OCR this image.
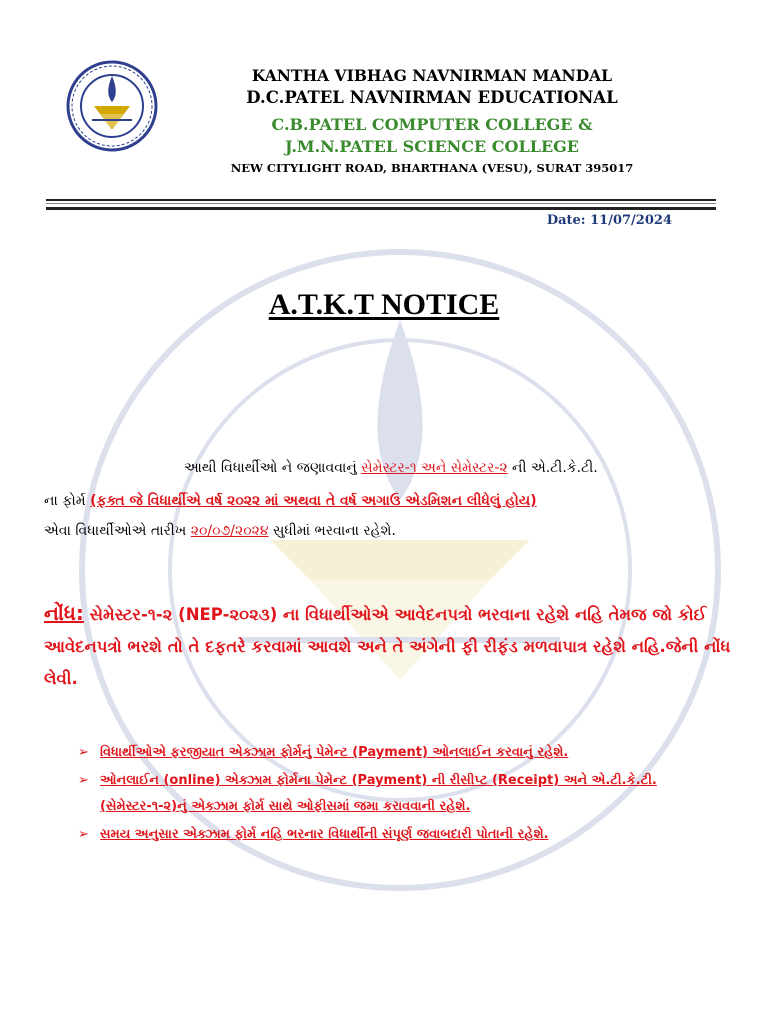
KANTHA VIBHAG NAVNIRMAN MANDAL
D.C.PATEL NAVNIRMAN EDUCATIONAL
C.B.PATEL COMPUTER COLLEGE &
J.M.N.PATEL SCIENCE COLLEGE
NEW CITYLIGHT ROAD, BHARTHANA (VESU), SURAT 395017
Date: 11/07/2024
A.T.K.T NOTICE
આથી વિધાર્થીઓ ને જણાવવાનું સેમેસ્ટર-૧ અને સેમેસ્ટર-૨ ની એ.ટી.કે.ટી.
ના ફોર્મ (ફક્ત જે વિધાર્થીએ વર્ષ ૨૦૨૨ માં અથવા તે વર્ષ અગાઉ એડમિશન લીધેલું હોય)
એવા વિધાર્થીઓએ તારીખ ૨૦/૦૭/૨૦૨૪ સુધીમાં ભરવાના રહેશે.
નોંધ: સેમેસ્ટર-૧-૨ (NEP-૨૦૨૩) ના વિધાર્થીઓએ આવેદનપત્રો ભરવાના રહેશે નહિ તેમજ જો કોઈ આવેદનપત્રો ભરશે તો તે દફતરે કરવામાં આવશે અને તે અંગેની ફી રીફંડ મળવાપાત્ર રહેશે નહિ.જેની નોંધ લેવી.
➢ વિધાર્થીઓએ ફરજીયાત એક્ઝામ ફોર્મનું પેમેન્ટ (Payment) ઓનલાઈન કરવાનું રહેશે.
➢ ઓનલાઈન (online) એક્ઝામ ફોર્મના પેમેન્ટ (Payment) ની રીસીપ્ટ (Receipt) અને એ.ટી.કે.ટી.(સેમેસ્ટર-૧-૨)નું એક્ઝામ ફોર્મ સાથે ઓફીસમાં જમા કરાવવાની રહેશે.
➢ સમય અનુસાર એક્ઝામ ફોર્મ નહિ ભરનાર વિધાર્થીની સંપૂર્ણ જવાબદારી પોતાની રહેશે.
